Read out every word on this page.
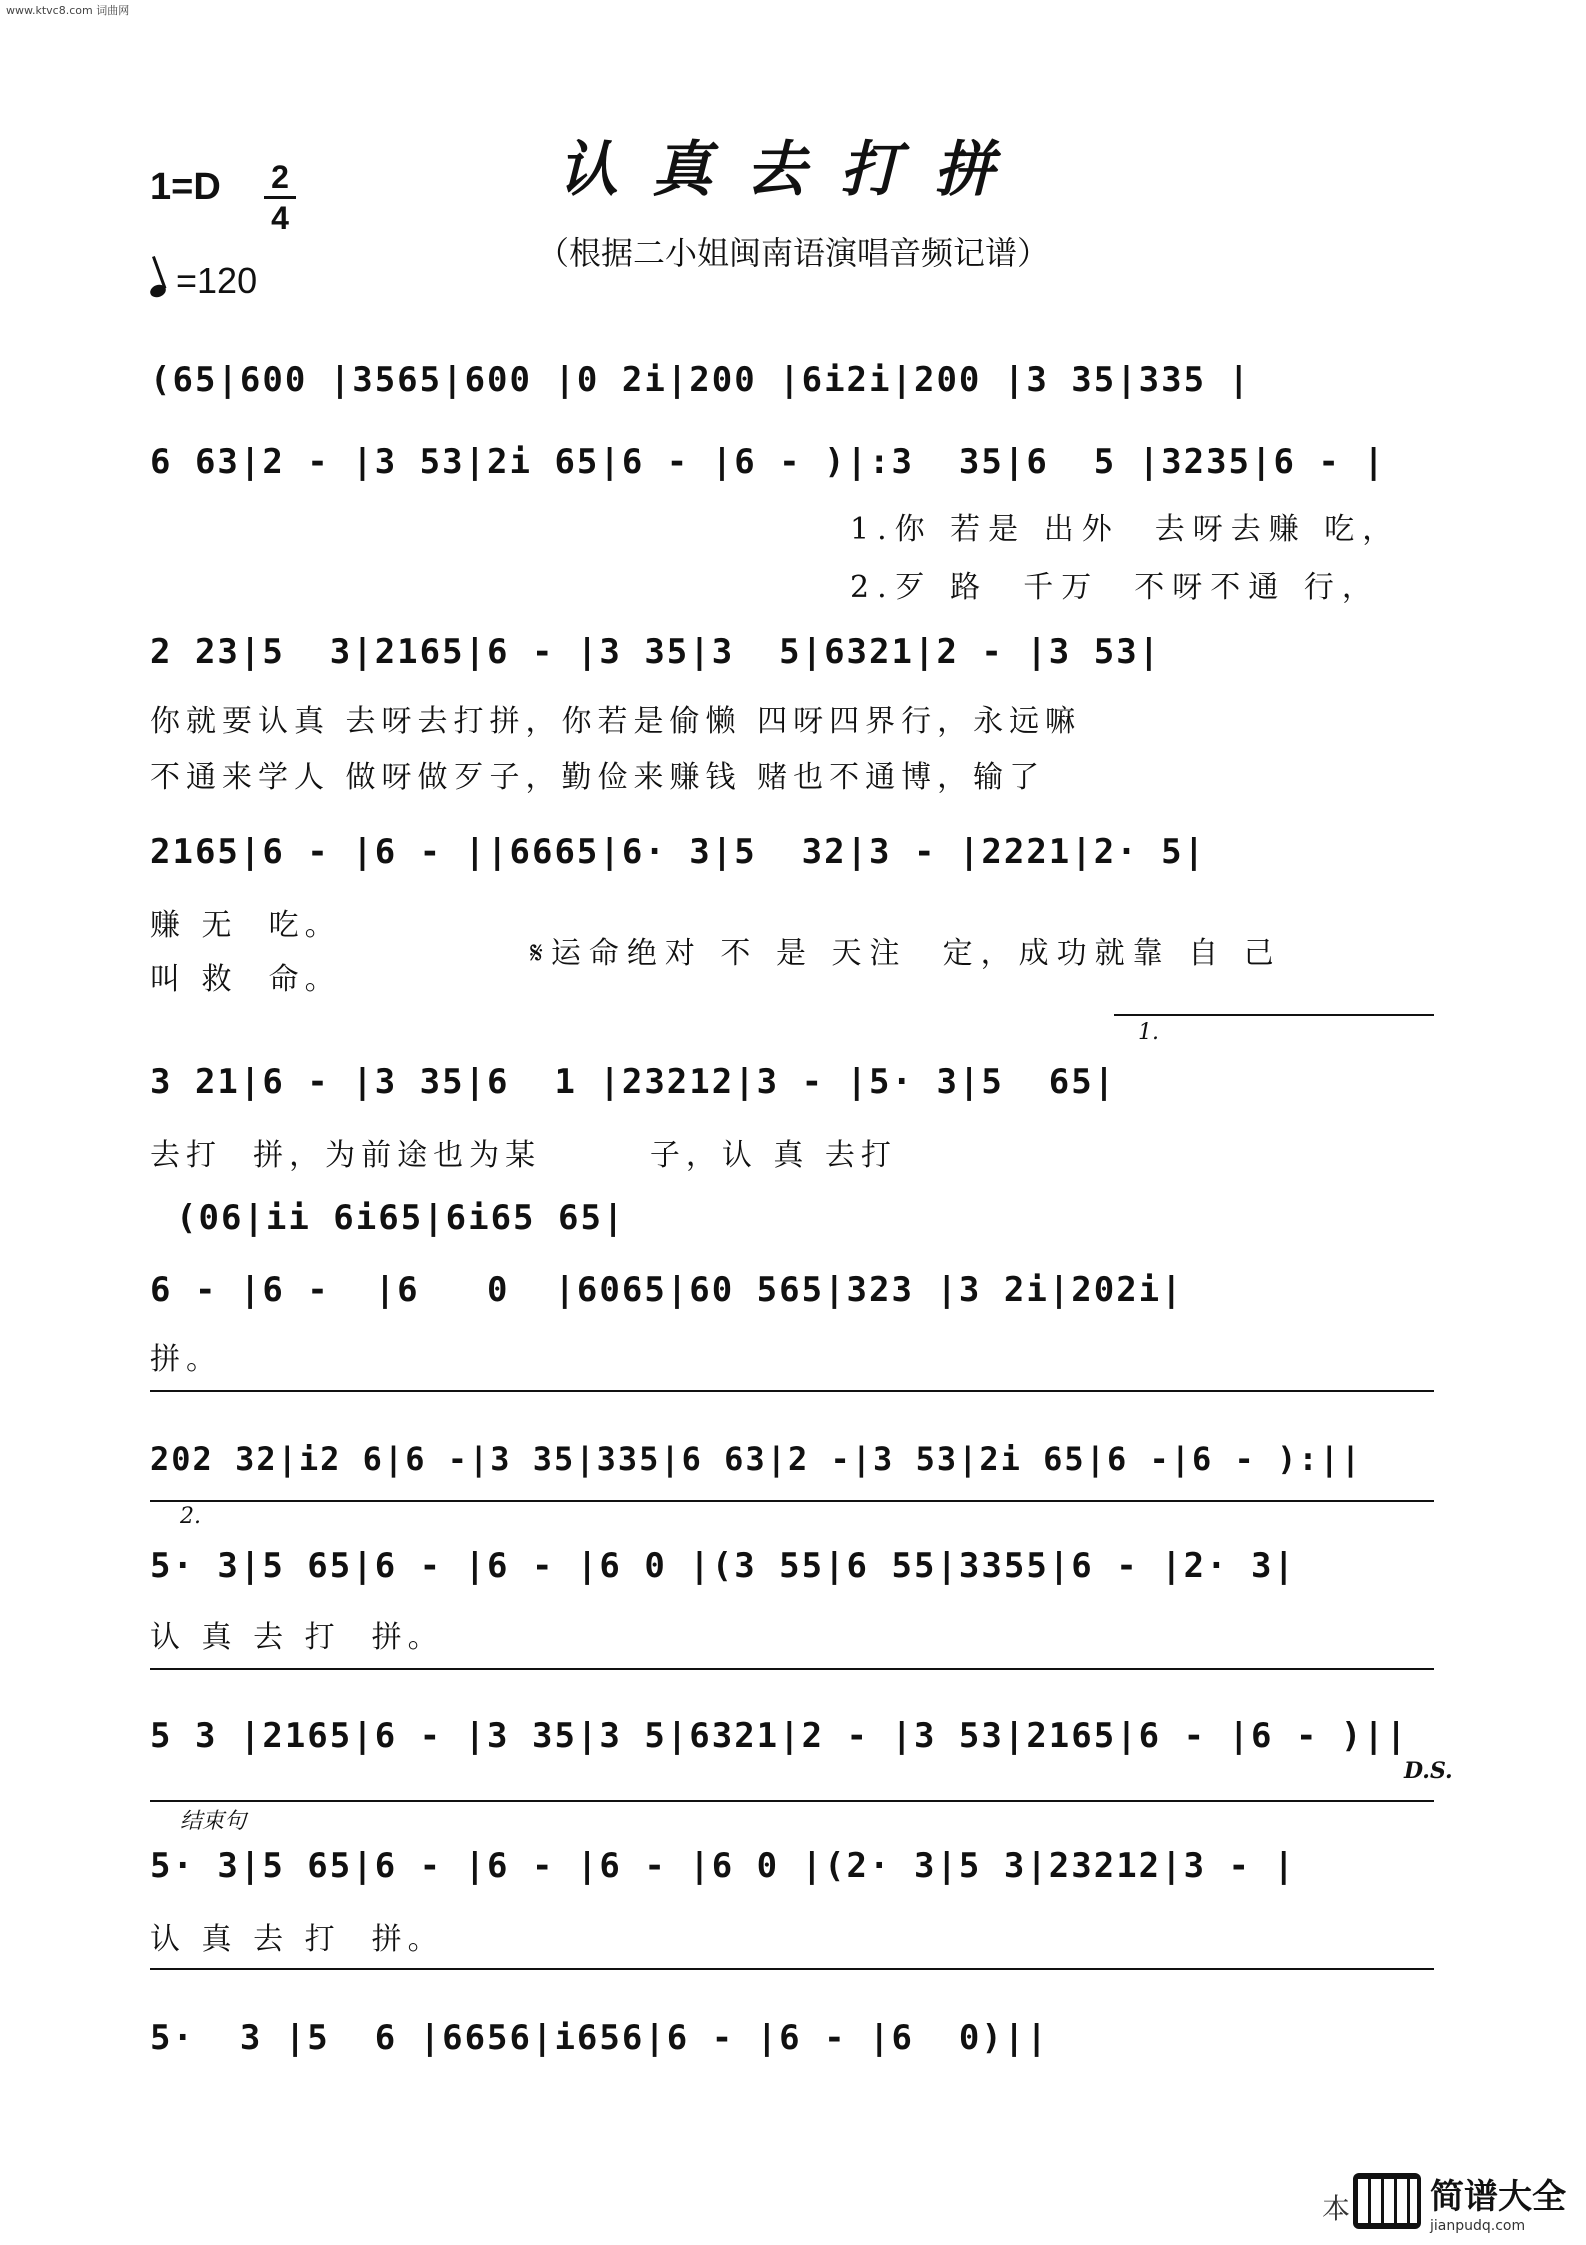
www.ktvc8.com 词曲网
认真去打拼
（根据二小姐闽南语演唱音频记谱）
1=D	2
4
=120
(65|600 |3565|600 |0 2i|200 |6i2i|200 |3 35|335 |
6 63|2 - |3 53|2i 65|6 - |6 - )|:3  35|6  5 |3235|6 - |
1.你 若是 出外  去呀去赚 吃，
2.歹 路  千万  不呀不通 行，
2 23|5  3|2165|6 - |3 35|3  5|6321|2 - |3 53|
你就要认真 去呀去打拼，你若是偷懒 四呀四界行，永远嘛
不通来学人 做呀做歹子，勤俭来赚钱 赌也不通博，输了
2165|6 - |6 - ||6665|6· 3|5  32|3 - |2221|2· 5|
赚 无  吃。
叫 救  命。
𝄋运命绝对 不 是 天注  定，成功就靠 自 己
1.
3 21|6 - |3 35|6  1 |23212|3 - |5· 3|5  65|
去打  拼，为前途也为某       子，认 真 去打
(06|ii 6i65|6i65 65|
6 - |6 -  |6   0  |6065|60 565|323 |3 2i|202i|
拼。
202 32|i2 6|6 -|3 35|335|6 63|2 -|3 53|2i 65|6 -|6 - ):||
2.
5· 3|5 65|6 - |6 - |6 0 |(3 55|6 55|3355|6 - |2· 3|
认 真 去 打  拼。
5 3 |2165|6 - |3 35|3 5|6321|2 - |3 53|2165|6 - |6 - )||
D.S.
结束句
5· 3|5 65|6 - |6 - |6 - |6 0 |(2· 3|5 3|23212|3 - |
认 真 去 打  拼。
5·  3 |5  6 |6656|i656|6 - |6 - |6  0)||
本 简谱大全
jianpudq.com
